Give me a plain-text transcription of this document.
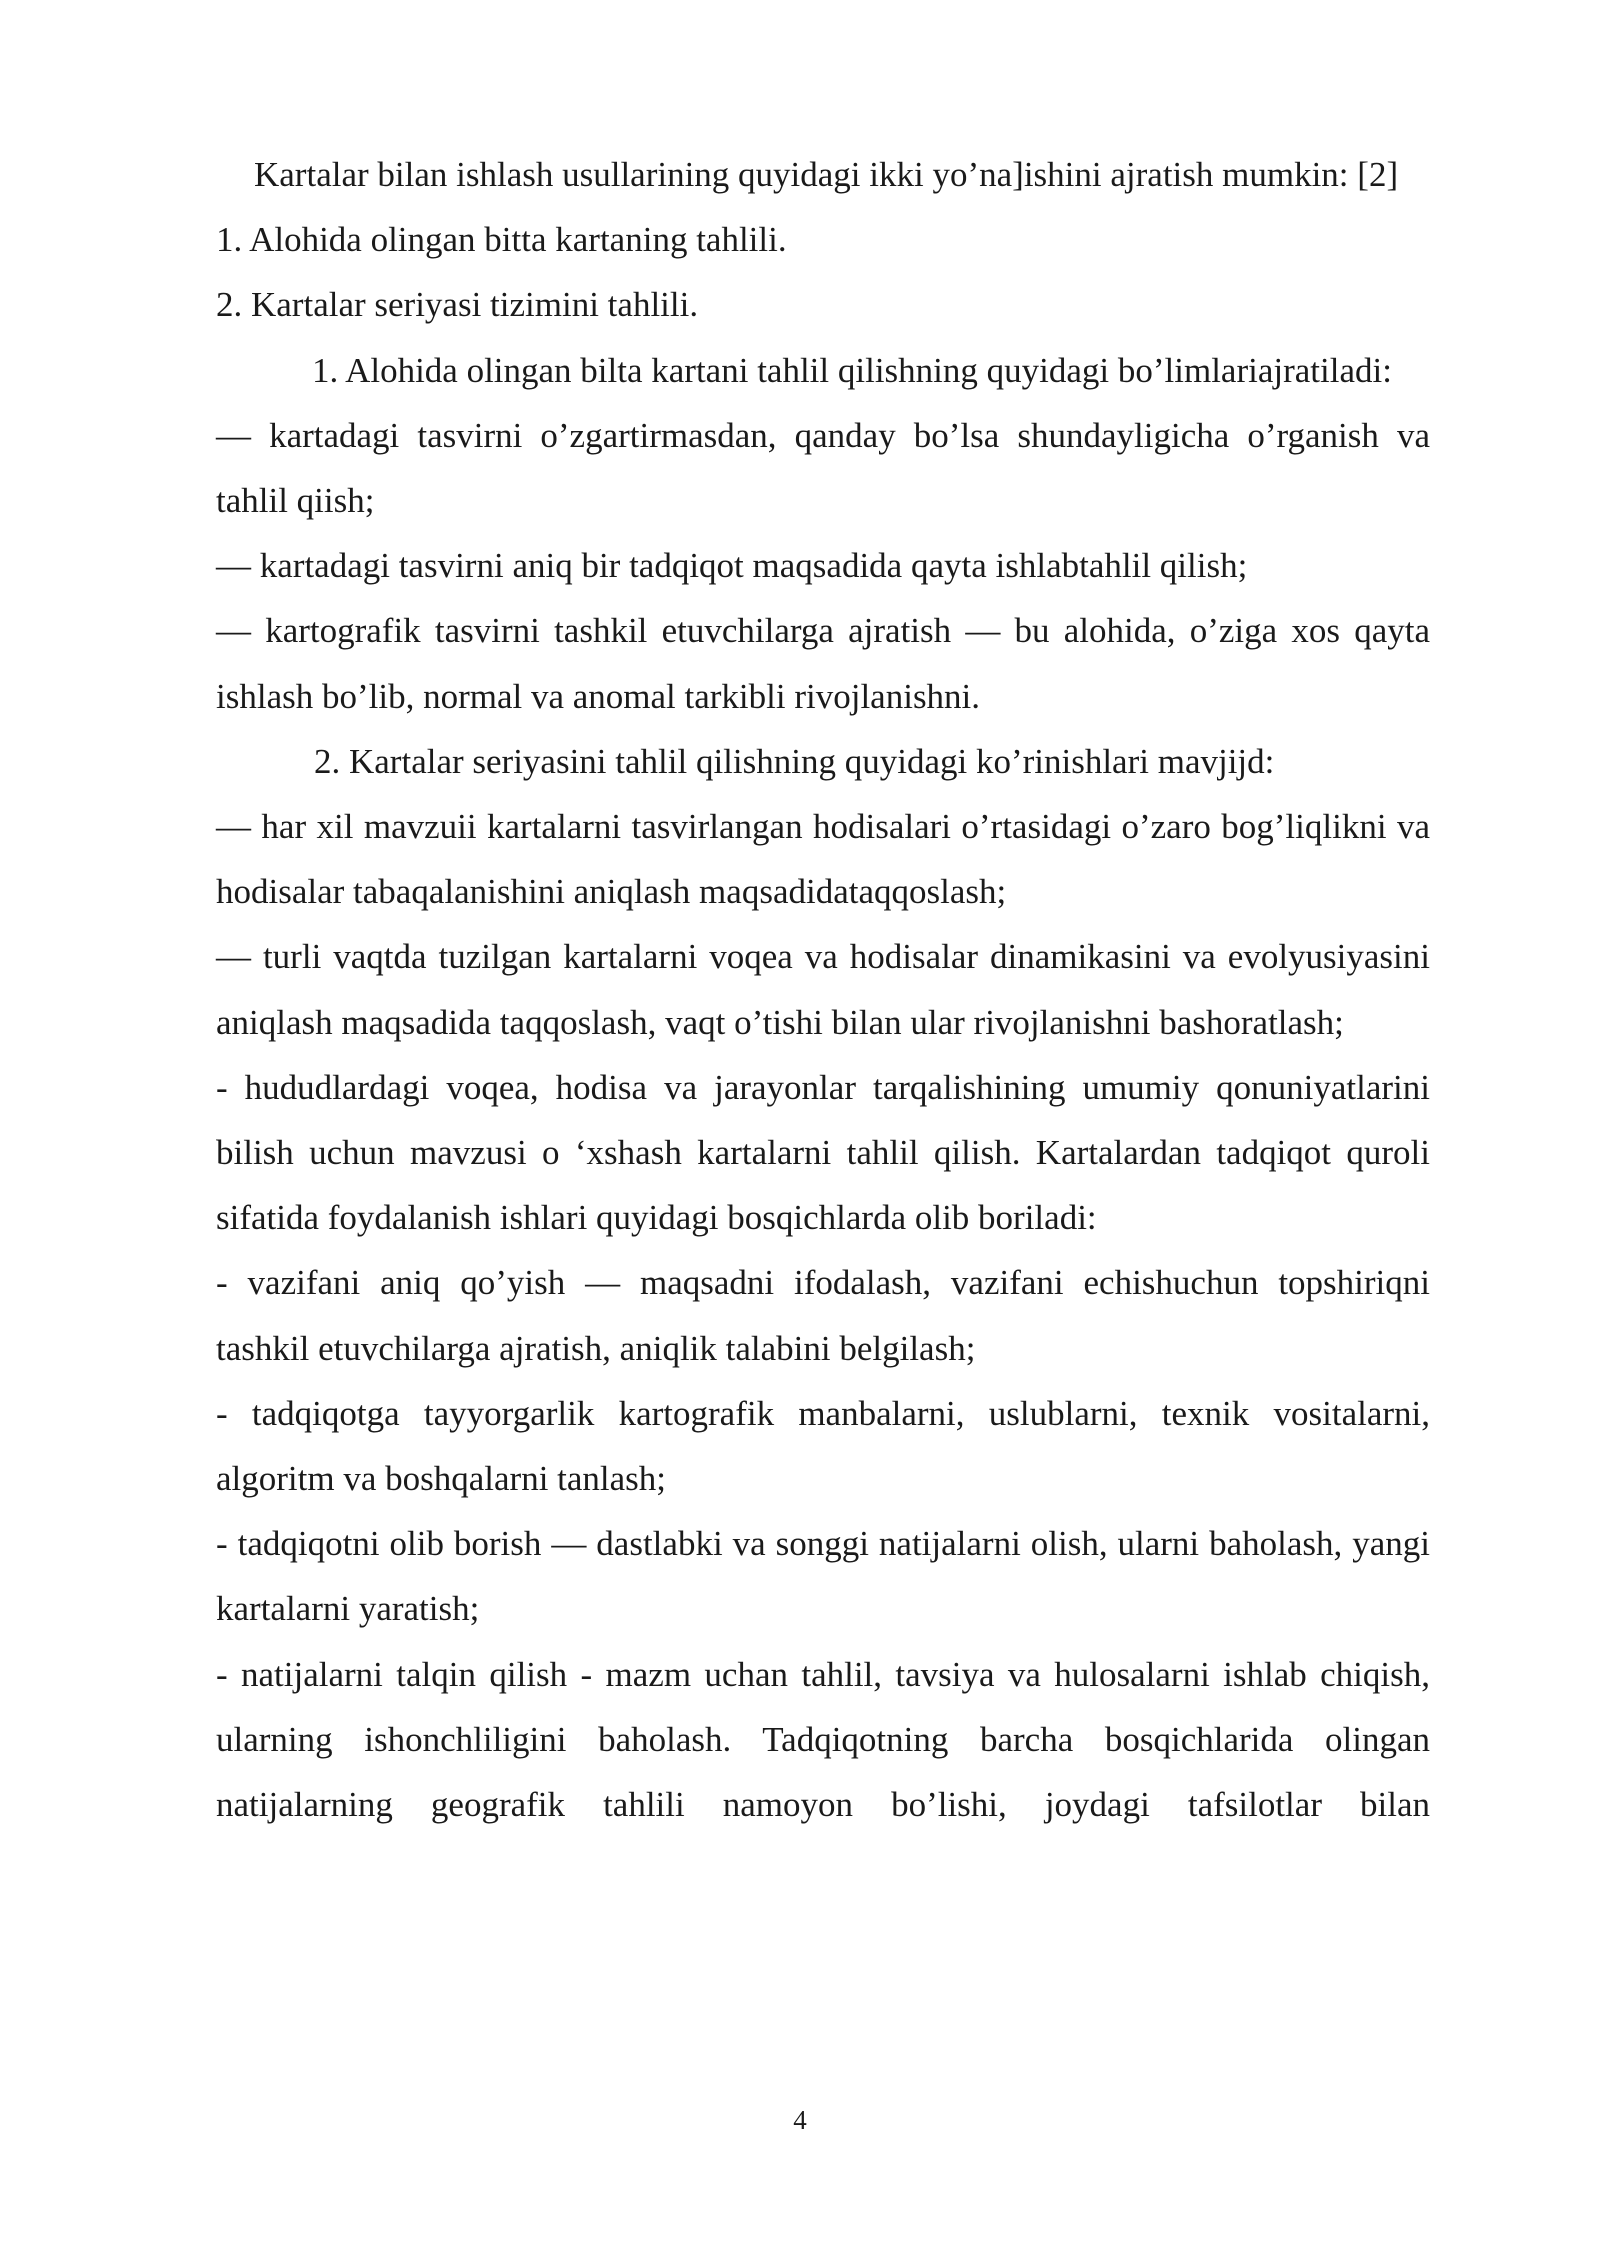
Kartalar bilan ishlash usullarining quyidagi ikki yo’na]ishini ajratish mumkin: [2]

1. Alohida olingan bitta kartaning tahlili.

2. Kartalar seriyasi tizimini tahlili.

1. Alohida olingan bilta kartani tahlil qilishning quyidagi bo’limlariajratiladi:

— kartadagi tasvirni o’zgartirmasdan, qanday bo’lsa shundayligicha o’rganish va tahlil qiish;

— kartadagi tasvirni aniq bir tadqiqot maqsadida qayta ishlabtahlil qilish;

— kartografik tasvirni tashkil etuvchilarga ajratish — bu alohida, o’ziga xos qayta ishlash bo’lib, normal va anomal tarkibli rivojlanishni.

2. Kartalar seriyasini tahlil qilishning quyidagi ko’rinishlari mavjijd:

— har xil mavzuii kartalarni tasvirlangan hodisalari o’rtasidagi o’zaro bog’liqlikni va hodisalar tabaqalanishini aniqlash maqsadidataqqoslash;

— turli vaqtda tuzilgan kartalarni voqea va hodisalar dinamikasini va evolyusiyasini aniqlash maqsadida taqqoslash, vaqt o’tishi bilan ular rivojlanishni bashoratlash;

- hududlardagi voqea, hodisa va jarayonlar tarqalishining umumiy qonuniyatlarini bilish uchun mavzusi o ‘xshash kartalarni tahlil qilish. Kartalardan tadqiqot quroli sifatida foydalanish ishlari quyidagi bosqichlarda olib boriladi:

- vazifani aniq qo’yish — maqsadni ifodalash, vazifani echishuchun topshiriqni tashkil etuvchilarga ajratish, aniqlik talabini belgilash;

- tadqiqotga tayyorgarlik kartografik manbalarni, uslublarni, texnik vositalarni, algoritm va boshqalarni tanlash;

- tadqiqotni olib borish — dastlabki va songgi natijalarni olish, ularni baholash, yangi kartalarni yaratish;

- natijalarni talqin qilish - mazm uchan tahlil, tavsiya va hulosalarni ishlab chiqish, ularning ishonchliligini baholash. Tadqiqotning barcha bosqichlarida olingan natijalarning geografik tahlili namoyon bo’lishi, joydagi tafsilotlar bilan

4
